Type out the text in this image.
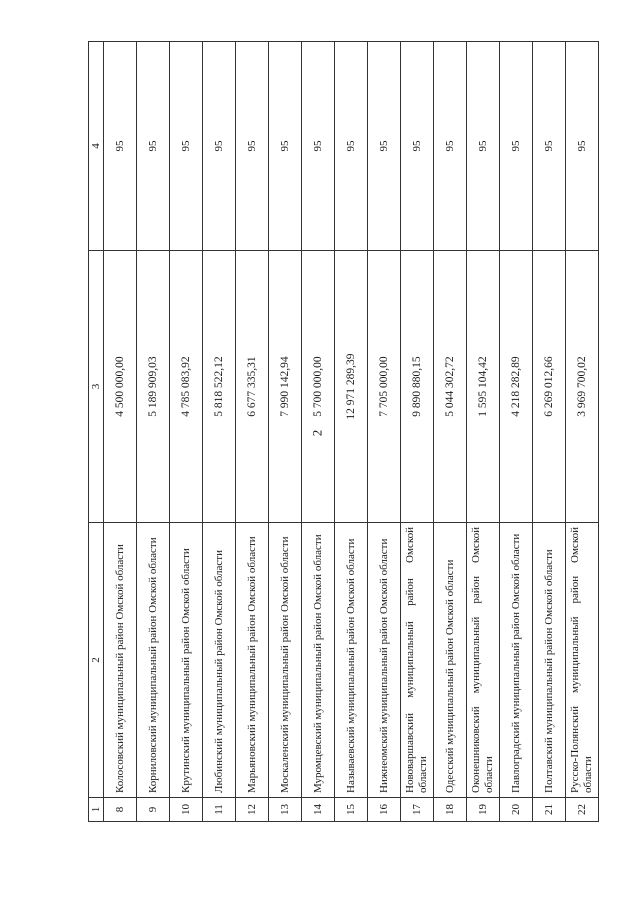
2
1	2	3	4
8	Колосовский муниципальный район Омской области	4 500 000,00	95
9	Корниловский муниципальный район Омской области	5 189 909,03	95
10	Крутинский муниципальный район Омской области	4 785 083,92	95
11	Любинский муниципальный район Омской области	5 818 522,12	95
12	Марьяновский муниципальный район Омской области	6 677 335,31	95
13	Москаленский муниципальный район Омской области	7 990 142,94	95
14	Муромцевский муниципальный район Омской области	5 700 000,00	95
15	Называевский муниципальный район Омской области	12 971 289,39	95
16	Нижнеомский муниципальный район Омской области	7 705 000,00	95
17	Нововаршавский муниципальный район Омской области	9 890 880,15	95
18	Одесский муниципальный район Омской области	5 044 302,72	95
19	Оконешниковский муниципальный район Омской области	1 595 104,42	95
20	Павлоградский муниципальный район Омской области	4 218 282,89	95
21	Полтавский муниципальный район Омской области	6 269 012,66	95
22	Русско-Полянский муниципальный район Омской области	3 969 700,02	95
